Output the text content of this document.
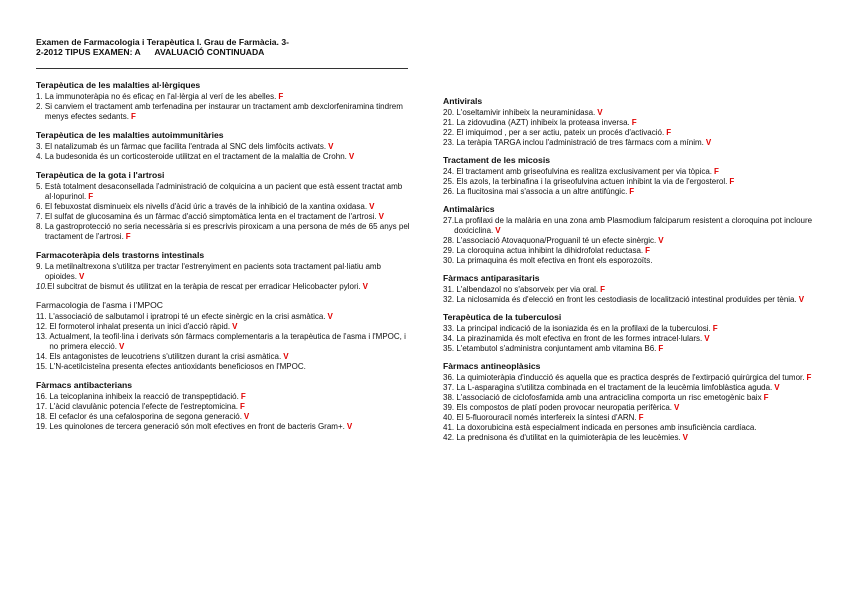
Examen de Farmacologia i Terapèutica I. Grau de Farmàcia. 3-
2-2012 TIPUS EXAMEN: A      AVALUACIÓ CONTINUADA
Terapèutica de les malalties al·lèrgiques
1. La immunoteràpia no és eficaç en l'al·lèrgia al verí de les abelles. F
2. Si canviem el tractament amb terfenadina per instaurar un tractament amb dexclorfeniramina tindrem menys efectes sedants. F
Terapèutica de les malalties autoimmunitàries
3. El natalizumab és un fàrmac que facilita l'entrada al SNC dels limfòcits activats. V
4. La budesonida és un corticosteroide utilitzat en el tractament de la malaltia de Crohn. V
Terapèutica de la gota i l'artrosi
5. Està totalment desaconsellada l'administració de colquicina a un pacient que està essent tractat amb al·lopurinol. F
6. El febuxostat disminueix els nivells d'àcid úric a través de la inhibició de la xantina oxidasa. V
7. El sulfat de glucosamina és un fàrmac d'acció simptomàtica lenta en el tractament de l'artrosi. V
8. La gastroprotecció no seria necessària si es prescrivis piroxicam a una persona de més de 65 anys pel tractament de l'artrosi. F
Farmacoteràpia dels trastorns intestinals
9. La metilnaltrexona s'utilitza per tractar l'estrenyiment en pacients sota tractament pal·liatiu amb opioides. V
10. El subcitrat de bismut és utilitzat en la teràpia de rescat per erradicar Helicobacter pylori. V
Farmacologia de l'asma i l'MPOC
11. L'associació de salbutamol i ipratropi té un efecte sinèrgic en la crisi asmàtica. V
12. El formoterol inhalat presenta un inici d'acció ràpid. V
13. Actualment, la teofil·lina i derivats són fàrmacs complementaris a la terapèutica de l'asma i l'MPOC, i no primera elecció. V
14. Els antagonistes de leucotriens s'utilitzen durant la crisi asmàtica. V
15. L'N-acetilcisteïna presenta efectes antioxidants beneficiosos en l'MPOC.
Fàrmacs antibacterians
16. La teicoplanina inhibeix la reacció de transpeptidació. F
17. L'àcid clavulànic potencia l'efecte de l'estreptomicina. F
18. El cefaclor és una cefalosporina de segona generació. V
19. Les quinolones de tercera generació són molt efectives en front de bacteris Gram+. V
Antivirals
20. L'oseltamivir inhibeix la neuraminidasa. V
21. La zidovudina (AZT) inhibeix la proteasa inversa. F
22. El imiquimod , per a ser actiu, pateix un procés d'activació. F
23. La teràpia TARGA inclou l'administració de tres fàrmacs com a mínim. V
Tractament de les micosis
24. El tractament amb griseofulvina es realitza exclusivament per via tòpica. F
25. Els azols, la terbinafina i la griseofulvina actuen inhibint la via de l'ergosterol. F
26. La flucitosina mai s'associa a un altre antifúngic. F
Antimalàrics
27. La profilaxi de la malària en una zona amb Plasmodium falciparum resistent a cloroquina pot incloure doxiciclina. V
28. L'associació Atovaquona/Proguanil té un efecte sinèrgic. V
29. La cloroquina actua inhibint la dihidrofolat reductasa. F
30. La primaquina és molt efectiva en front els esporozoïts.
Fàrmacs antiparasitaris
31. L'albendazol no s'absorveix per via oral. F
32. La niclosamida és d'elecció en front les cestodiasis de localització intestinal produïdes per tènia. V
Terapèutica de la tuberculosi
33. La principal indicació de la isoniazida és en la profilaxi de la tuberculosi. F
34. La pirazinamida és molt efectiva en front de les formes intracel·lulars. V
35. L'etambutol s'administra conjuntament amb vitamina B6. F
Fàrmacs antineoplàsics
36. La quimioteràpia d'inducció és aquella que es practica després de l'extirpació quirúrgica del tumor. F
37. La L-asparagina s'utilitza combinada en el tractament de la leucèmia limfoblàstica aguda. V
38. L'associació de ciclofosfamida amb una antraciclina comporta un risc emetogènic baix F
39. Els compostos de platí poden provocar neuropatia perifèrica. V
40. El 5-fluorouracil només interfereix la síntesi d'ARN. F
41. La doxorubicina està especialment indicada en persones amb insuficiència cardíaca.
42. La prednisona és d'utilitat en la quimioteràpia de les leucèmies. V
